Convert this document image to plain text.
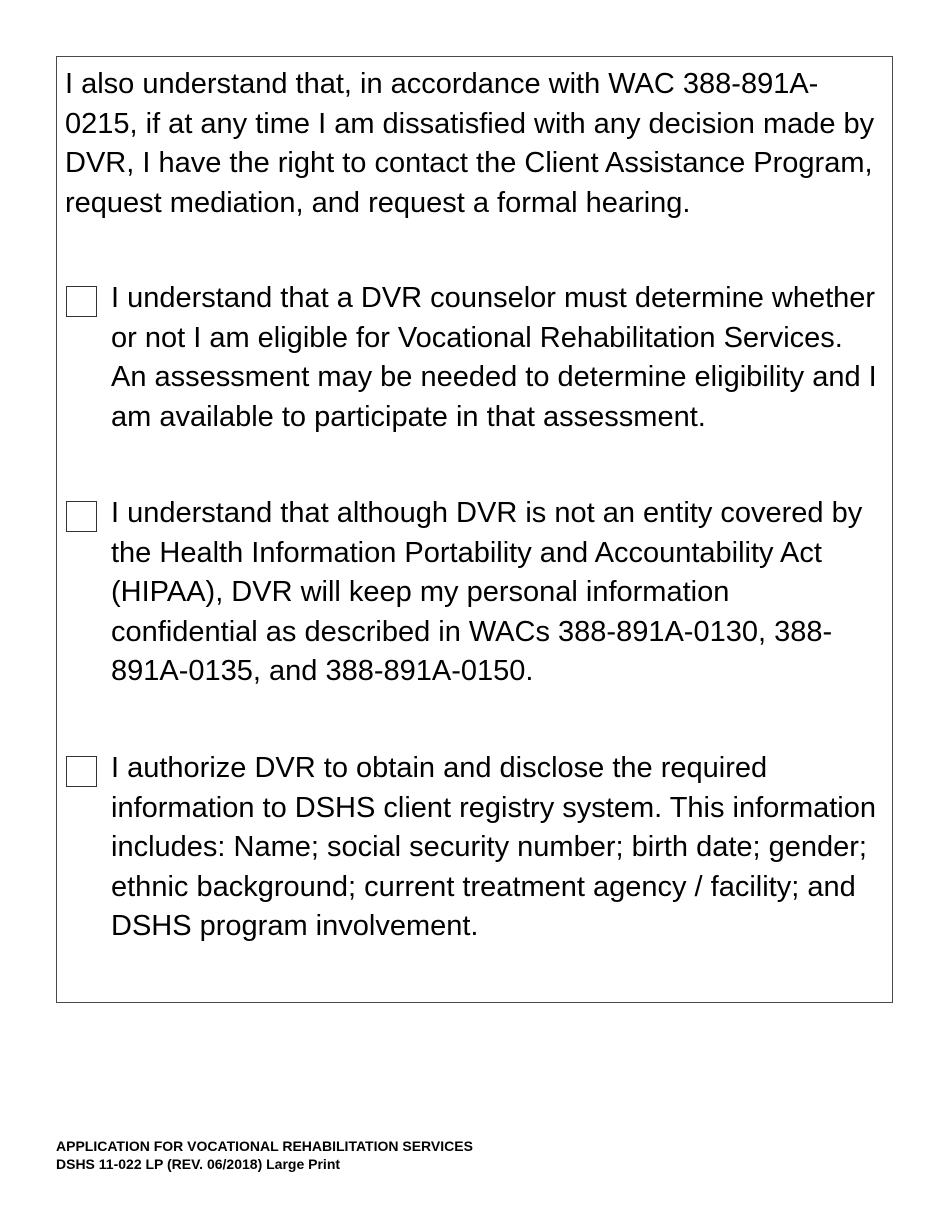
I also understand that, in accordance with WAC 388-891A-0215, if at any time I am dissatisfied with any decision made by DVR, I have the right to contact the Client Assistance Program, request mediation, and request a formal hearing.

I understand that a DVR counselor must determine whether or not I am eligible for Vocational Rehabilitation Services. An assessment may be needed to determine eligibility and I am available to participate in that assessment.

I understand that although DVR is not an entity covered by the Health Information Portability and Accountability Act (HIPAA), DVR will keep my personal information confidential as described in WACs 388-891A-0130, 388-891A-0135, and 388-891A-0150.

I authorize DVR to obtain and disclose the required information to DSHS client registry system. This information includes: Name; social security number; birth date; gender; ethnic background; current treatment agency / facility; and DSHS program involvement.

APPLICATION FOR VOCATIONAL REHABILITATION SERVICES
DSHS 11-022 LP (REV. 06/2018) Large Print
